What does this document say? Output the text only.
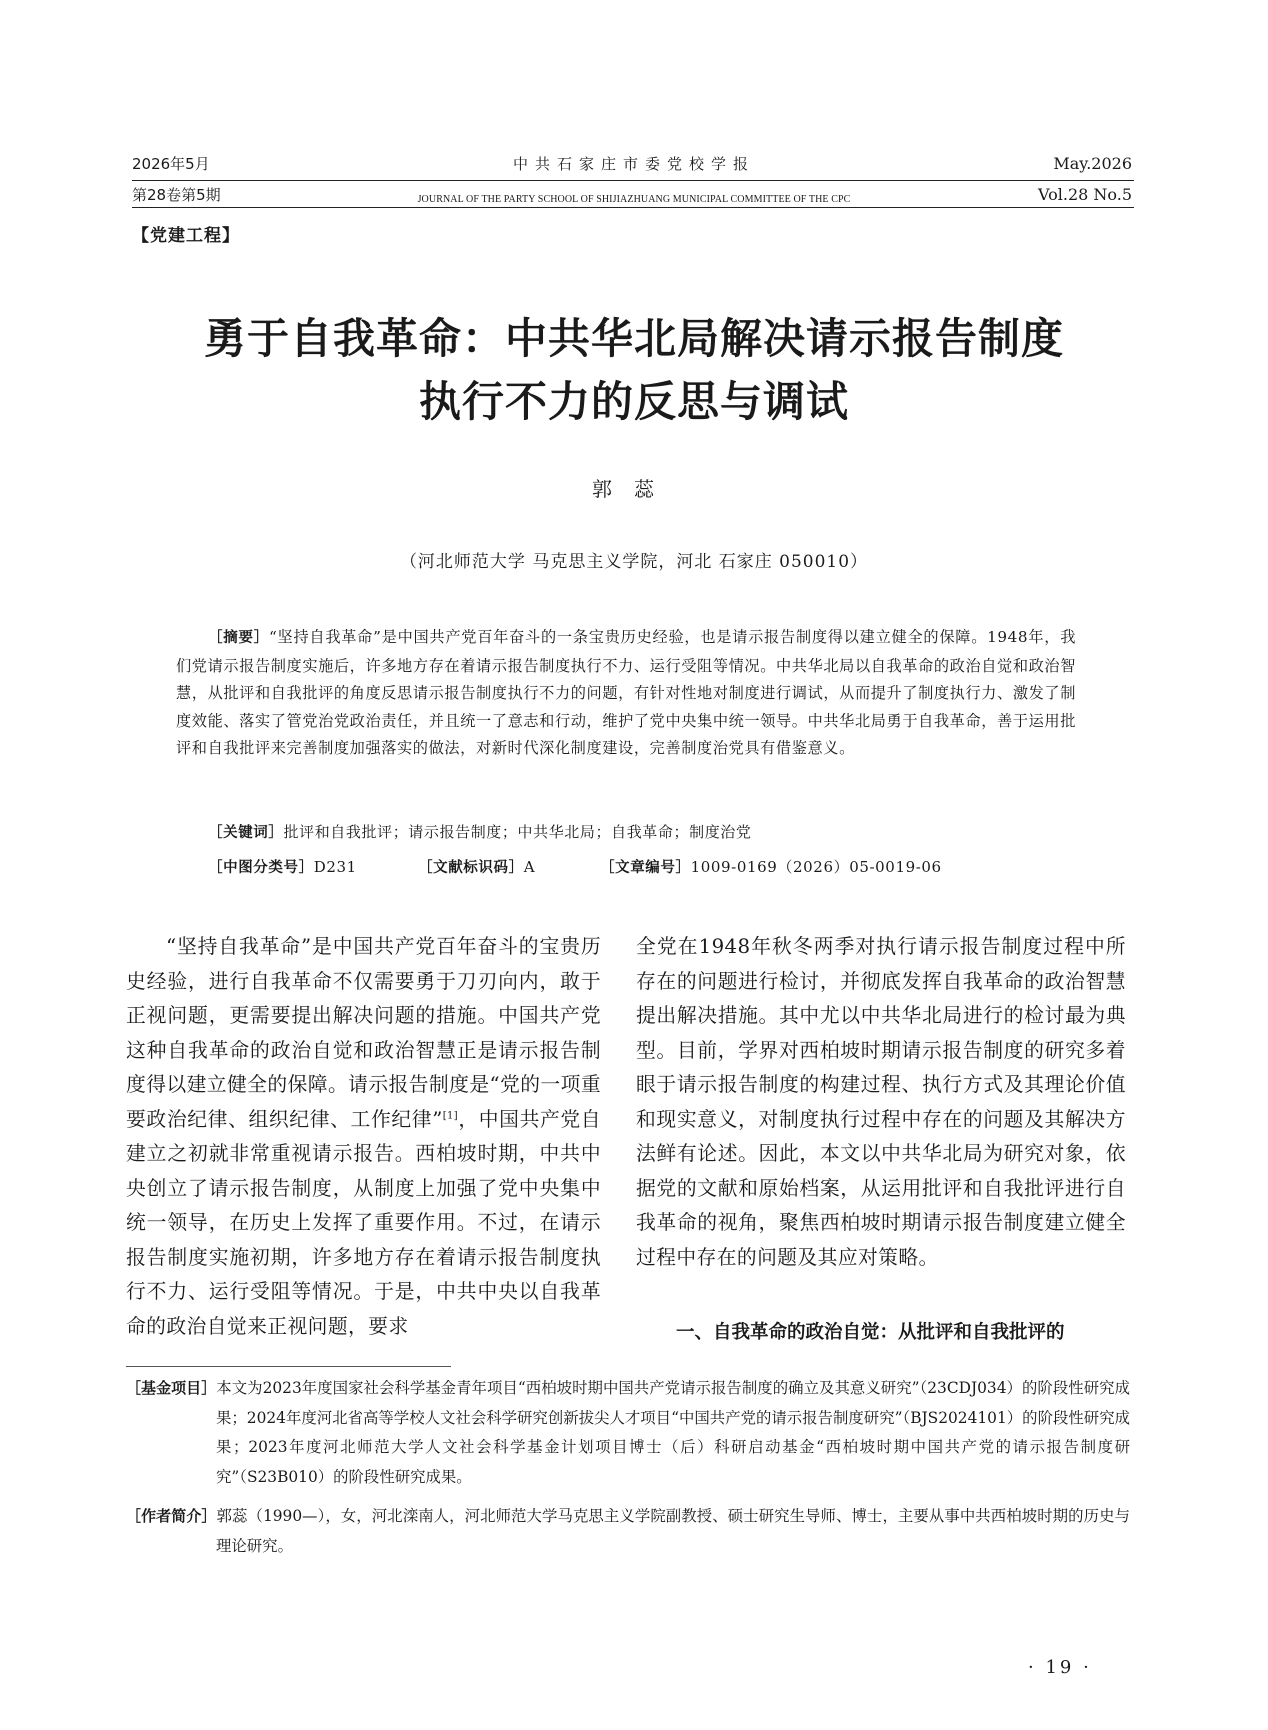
2026年5月
第28卷第5期
中共石家庄市委党校学报
JOURNAL OF THE PARTY SCHOOL OF SHIJIAZHUANG MUNICIPAL COMMITTEE OF THE CPC
May.2026
Vol.28 No.5
【党建工程】
勇于自我革命：中共华北局解决请示报告制度
执行不力的反思与调试
郭蕊
（河北师范大学 马克思主义学院，河北 石家庄 050010）
［摘要］“坚持自我革命”是中国共产党百年奋斗的一条宝贵历史经验，也是请示报告制度得以建立健全的保障。1948年，我们党请示报告制度实施后，许多地方存在着请示报告制度执行不力、运行受阻等情况。中共华北局以自我革命的政治自觉和政治智慧，从批评和自我批评的角度反思请示报告制度执行不力的问题，有针对性地对制度进行调试，从而提升了制度执行力、激发了制度效能、落实了管党治党政治责任，并且统一了意志和行动，维护了党中央集中统一领导。中共华北局勇于自我革命，善于运用批评和自我批评来完善制度加强落实的做法，对新时代深化制度建设，完善制度治党具有借鉴意义。
［关键词］批评和自我批评；请示报告制度；中共华北局；自我革命；制度治党
［中图分类号］D231	［文献标识码］A	［文章编号］1009-0169（2026）05-0019-06
“坚持自我革命”是中国共产党百年奋斗的宝贵历史经验，进行自我革命不仅需要勇于刀刃向内，敢于正视问题，更需要提出解决问题的措施。中国共产党这种自我革命的政治自觉和政治智慧正是请示报告制度得以建立健全的保障。请示报告制度是“党的一项重要政治纪律、组织纪律、工作纪律”[1]，中国共产党自建立之初就非常重视请示报告。西柏坡时期，中共中央创立了请示报告制度，从制度上加强了党中央集中统一领导，在历史上发挥了重要作用。不过，在请示报告制度实施初期，许多地方存在着请示报告制度执行不力、运行受阻等情况。于是，中共中央以自我革命的政治自觉来正视问题，要求
全党在1948年秋冬两季对执行请示报告制度过程中所存在的问题进行检讨，并彻底发挥自我革命的政治智慧提出解决措施。其中尤以中共华北局进行的检讨最为典型。目前，学界对西柏坡时期请示报告制度的研究多着眼于请示报告制度的构建过程、执行方式及其理论价值和现实意义，对制度执行过程中存在的问题及其解决方法鲜有论述。因此，本文以中共华北局为研究对象，依据党的文献和原始档案，从运用批评和自我批评进行自我革命的视角，聚焦西柏坡时期请示报告制度建立健全过程中存在的问题及其应对策略。
一、自我革命的政治自觉：从批评和自我批评的
［基金项目］本文为2023年度国家社会科学基金青年项目“西柏坡时期中国共产党请示报告制度的确立及其意义研究”（23CDJ034）的阶段性研究成果；2024年度河北省高等学校人文社会科学研究创新拔尖人才项目“中国共产党的请示报告制度研究”（BJS2024101）的阶段性研究成果；2023年度河北师范大学人文社会科学基金计划项目博士（后）科研启动基金“西柏坡时期中国共产党的请示报告制度研究”（S23B010）的阶段性研究成果。
［作者简介］郭蕊（1990—），女，河北滦南人，河北师范大学马克思主义学院副教授、硕士研究生导师、博士，主要从事中共西柏坡时期的历史与理论研究。
· 19 ·
